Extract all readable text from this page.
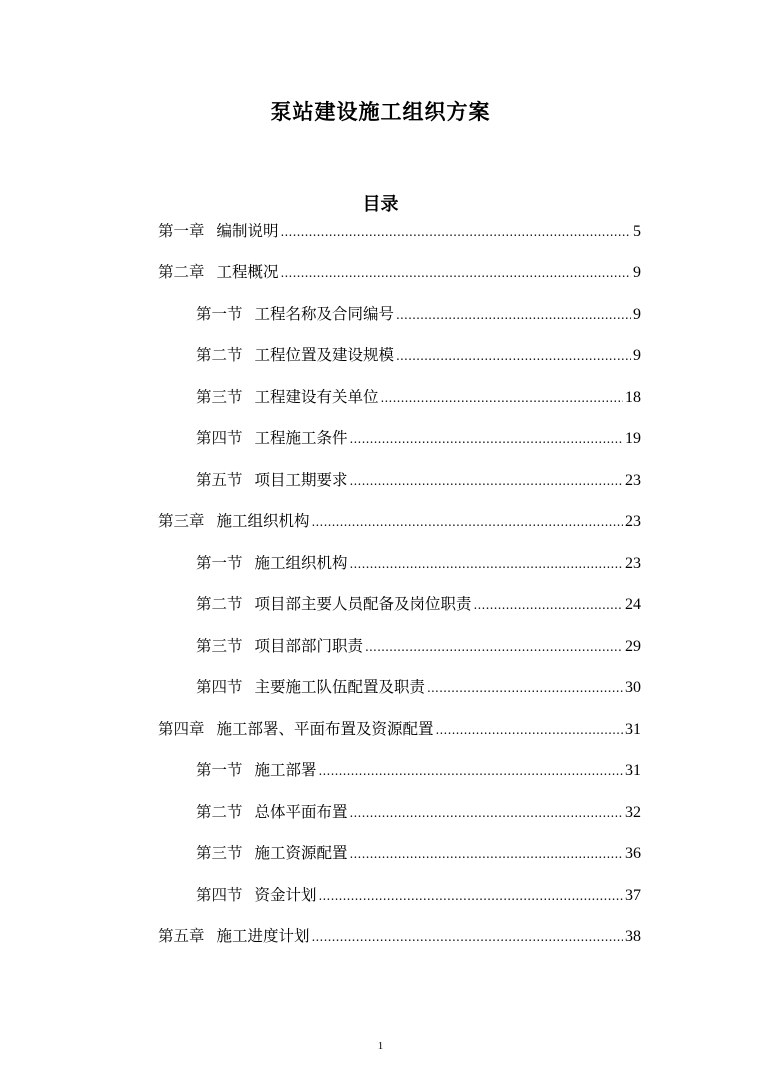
泵站建设施工组织方案
目录
第一章 编制说明 .....	5
第二章 工程概况 .....	9
第一节 工程名称及合同编号 .....	9
第二节 工程位置及建设规模 .....	9
第三节 工程建设有关单位 .....	18
第四节 工程施工条件 .....	19
第五节 项目工期要求 .....	23
第三章 施工组织机构 .....	23
第一节 施工组织机构 .....	23
第二节 项目部主要人员配备及岗位职责 .....	24
第三节 项目部部门职责 .....	29
第四节 主要施工队伍配置及职责 .....	30
第四章 施工部署、平面布置及资源配置 .....	31
第一节 施工部署 .....	31
第二节 总体平面布置 .....	32
第三节 施工资源配置 .....	36
第四节 资金计划 .....	37
第五章 施工进度计划 .....	38
1
